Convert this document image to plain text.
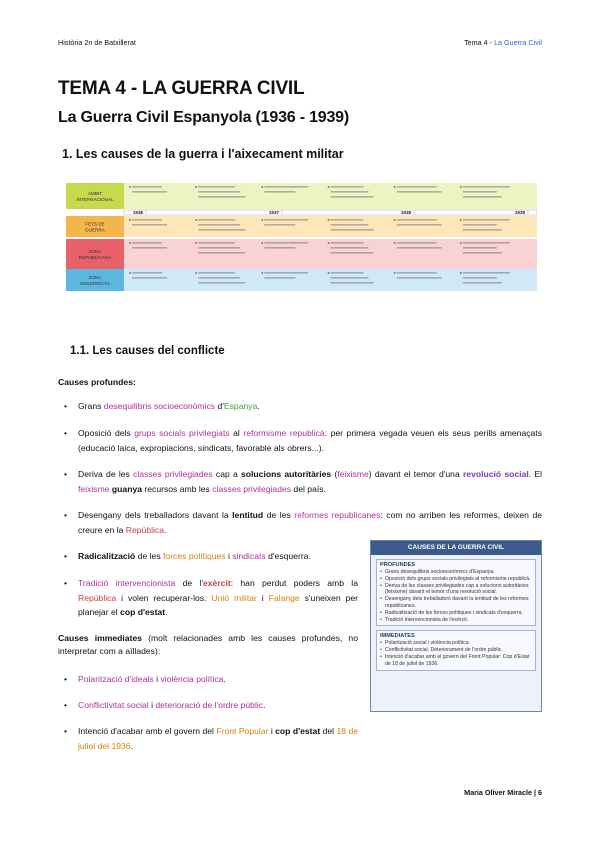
Història 2n de Batxillerat	Tema 4 - La Guerra Civil
TEMA 4 - LA GUERRA CIVIL
La Guerra Civil Espanyola (1936 - 1939)
1. Les causes de la guerra i l'aixecament militar
ÀMBIT
INTERNACIONAL
FETS DE
GUERRA
ZONA
REPUBLICANA
ZONA
INSURRECTA
1936	1937	1938	1939
1.1. Les causes del conflicte
Causes profundes:
• Grans desequilibris socioeconòmics d'Espanya.
• Oposició dels grups socials privilegiats al reformisme republicà: per primera vegada veuen els seus perills amenaçats (educació laica, expropiacions, sindicats, favorable als obrers...).
• Deriva de les classes privilegiades cap a solucions autoritàries (feixisme) davant el temor d'una revolució social. El feixisme guanya recursos amb les classes privilegiades del país.
• Desengany dels treballadors davant la lentitud de les reformes republicanes: com no arriben les reformes, deixen de creure en la República.
• Radicalització de les forces polítiques i sindicats d'esquerra.
• Tradició intervencionista de l'exèrcit: han perdut poders amb la República i volen recuperar-los. Unió militar i Falange s'uneixen per planejar el cop d'estat.
Causes immediates (molt relacionades amb les causes profundes, no interpretar com a aïllades):
• Polarització d'ideals i violència política.
• Conflictivitat social i deterioració de l'ordre públic.
• Intenció d'acabar amb el govern del Front Popular i cop d'estat del 18 de juliol del 1936.
CAUSES DE LA GUERRA CIVIL
PROFUNDES
• Grans desequilibris socioeconòmics d'Espanya.
• Oposició dels grups socials privilegiats al reformisme republicà.
• Deriva de les classes privilegiades cap a solucions autoritàries (feixisme) davant el temor d'una revolució social.
• Desengany dels treballadors davant la lentitud de les reformes republicanes.
• Radicalització de les forces polítiques i sindicats d'esquerra.
• Tradició intervencionista de l'exèrcit.
IMMEDIATES
• Polarització social i violència política.
• Conflictivitat social. Deteriorament de l'ordre públic.
• Intenció d'acabar amb el govern del Front Popular: Cop d'Estat de 18 de juliol de 1936.
Maria Oliver Miracle | 6
